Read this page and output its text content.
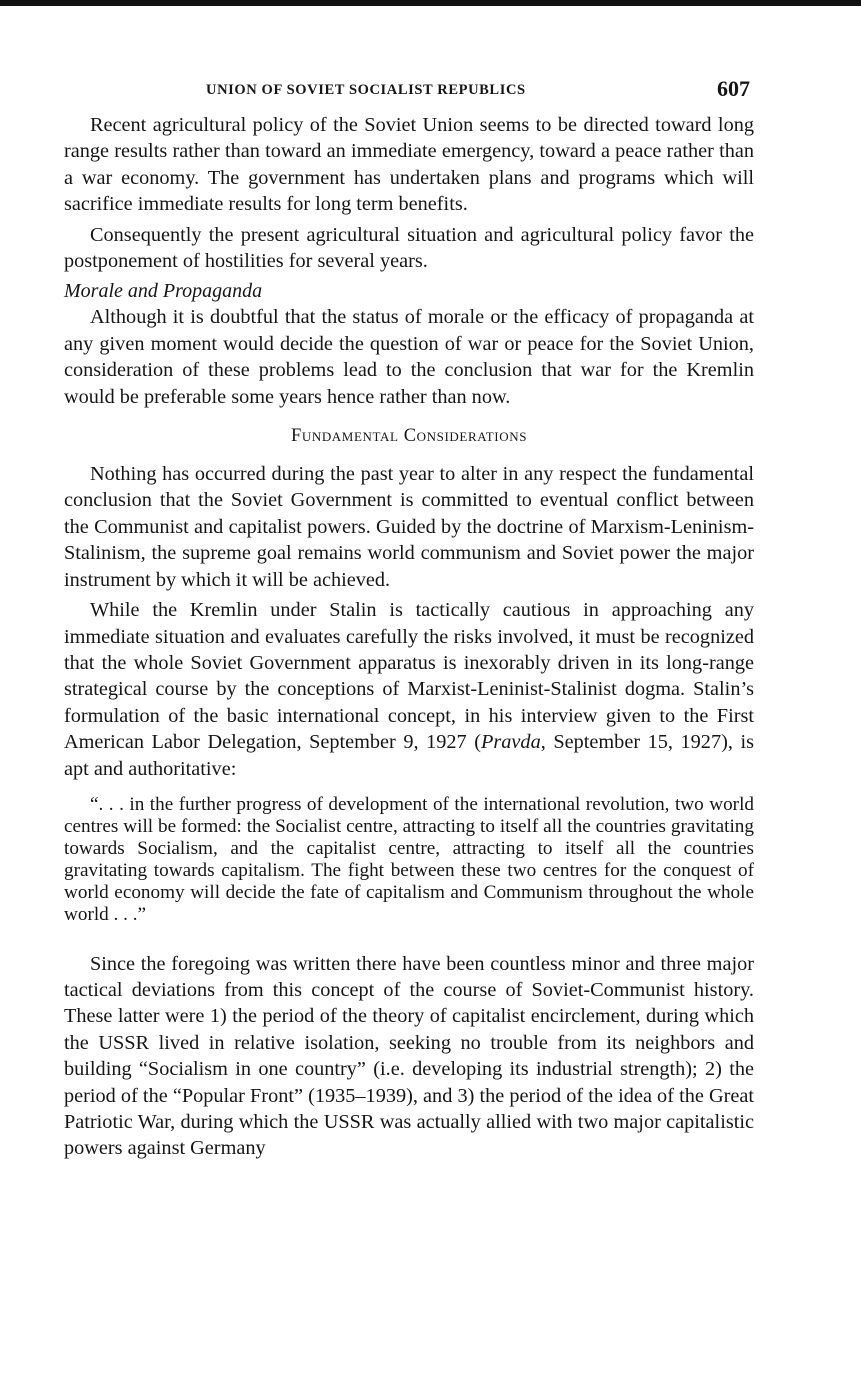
UNION OF SOVIET SOCIALIST REPUBLICS	607

Recent agricultural policy of the Soviet Union seems to be directed toward long range results rather than toward an immediate emergency, toward a peace rather than a war economy. The government has undertaken plans and programs which will sacrifice immediate results for long term benefits.

Consequently the present agricultural situation and agricultural policy favor the postponement of hostilities for several years.

Morale and Propaganda

Although it is doubtful that the status of morale or the efficacy of propaganda at any given moment would decide the question of war or peace for the Soviet Union, consideration of these problems lead to the conclusion that war for the Kremlin would be preferable some years hence rather than now.

Fundamental Considerations

Nothing has occurred during the past year to alter in any respect the fundamental conclusion that the Soviet Government is committed to eventual conflict between the Communist and capitalist powers. Guided by the doctrine of Marxism-Leninism-Stalinism, the supreme goal remains world communism and Soviet power the major instrument by which it will be achieved.

While the Kremlin under Stalin is tactically cautious in approaching any immediate situation and evaluates carefully the risks involved, it must be recognized that the whole Soviet Government apparatus is inexorably driven in its long-range strategical course by the conceptions of Marxist-Leninist-Stalinist dogma. Stalin’s formulation of the basic international concept, in his interview given to the First American Labor Delegation, September 9, 1927 (Pravda, September 15, 1927), is apt and authoritative:

“. . . in the further progress of development of the international revolution, two world centres will be formed: the Socialist centre, attracting to itself all the countries gravitating towards Socialism, and the capitalist centre, attracting to itself all the countries gravitating towards capitalism. The fight between these two centres for the conquest of world economy will decide the fate of capitalism and Communism throughout the whole world . . .”

Since the foregoing was written there have been countless minor and three major tactical deviations from this concept of the course of Soviet-Communist history. These latter were 1) the period of the theory of capitalist encirclement, during which the USSR lived in relative isolation, seeking no trouble from its neighbors and building “Socialism in one country” (i.e. developing its industrial strength); 2) the period of the “Popular Front” (1935–1939), and 3) the period of the idea of the Great Patriotic War, during which the USSR was actually allied with two major capitalistic powers against Germany
